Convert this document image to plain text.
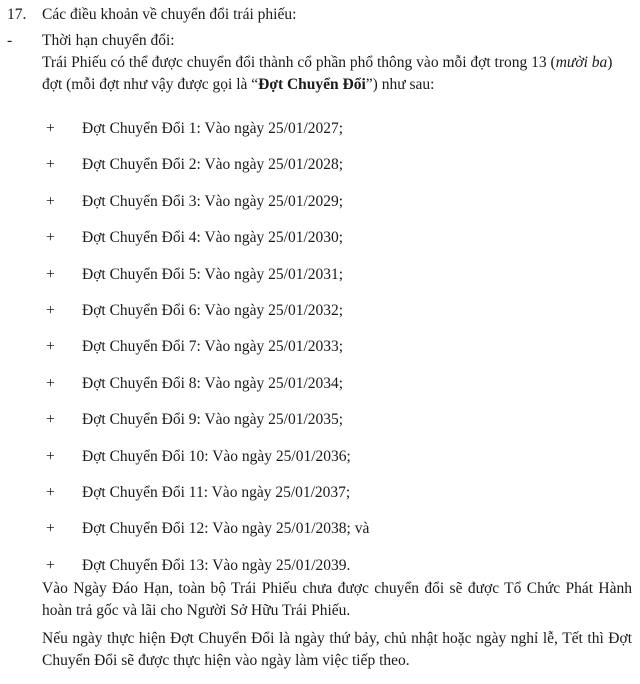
17. Các điều khoản về chuyển đổi trái phiếu:
- Thời hạn chuyển đổi:
Trái Phiếu có thể được chuyển đổi thành cổ phần phổ thông vào mỗi đợt trong 13 (mười ba) đợt (mỗi đợt như vậy được gọi là “Đợt Chuyển Đổi”) như sau:
+ Đợt Chuyển Đổi 1: Vào ngày 25/01/2027;
+ Đợt Chuyển Đổi 2: Vào ngày 25/01/2028;
+ Đợt Chuyển Đổi 3: Vào ngày 25/01/2029;
+ Đợt Chuyển Đổi 4: Vào ngày 25/01/2030;
+ Đợt Chuyển Đổi 5: Vào ngày 25/01/2031;
+ Đợt Chuyển Đổi 6: Vào ngày 25/01/2032;
+ Đợt Chuyển Đổi 7: Vào ngày 25/01/2033;
+ Đợt Chuyển Đổi 8: Vào ngày 25/01/2034;
+ Đợt Chuyển Đổi 9: Vào ngày 25/01/2035;
+ Đợt Chuyển Đổi 10: Vào ngày 25/01/2036;
+ Đợt Chuyển Đổi 11: Vào ngày 25/01/2037;
+ Đợt Chuyển Đổi 12: Vào ngày 25/01/2038; và
+ Đợt Chuyển Đổi 13: Vào ngày 25/01/2039.
Vào Ngày Đáo Hạn, toàn bộ Trái Phiếu chưa được chuyển đổi sẽ được Tổ Chức Phát Hành hoàn trả gốc và lãi cho Người Sở Hữu Trái Phiếu.
Nếu ngày thực hiện Đợt Chuyển Đổi là ngày thứ bảy, chủ nhật hoặc ngày nghỉ lễ, Tết thì Đợt Chuyển Đổi sẽ được thực hiện vào ngày làm việc tiếp theo.
